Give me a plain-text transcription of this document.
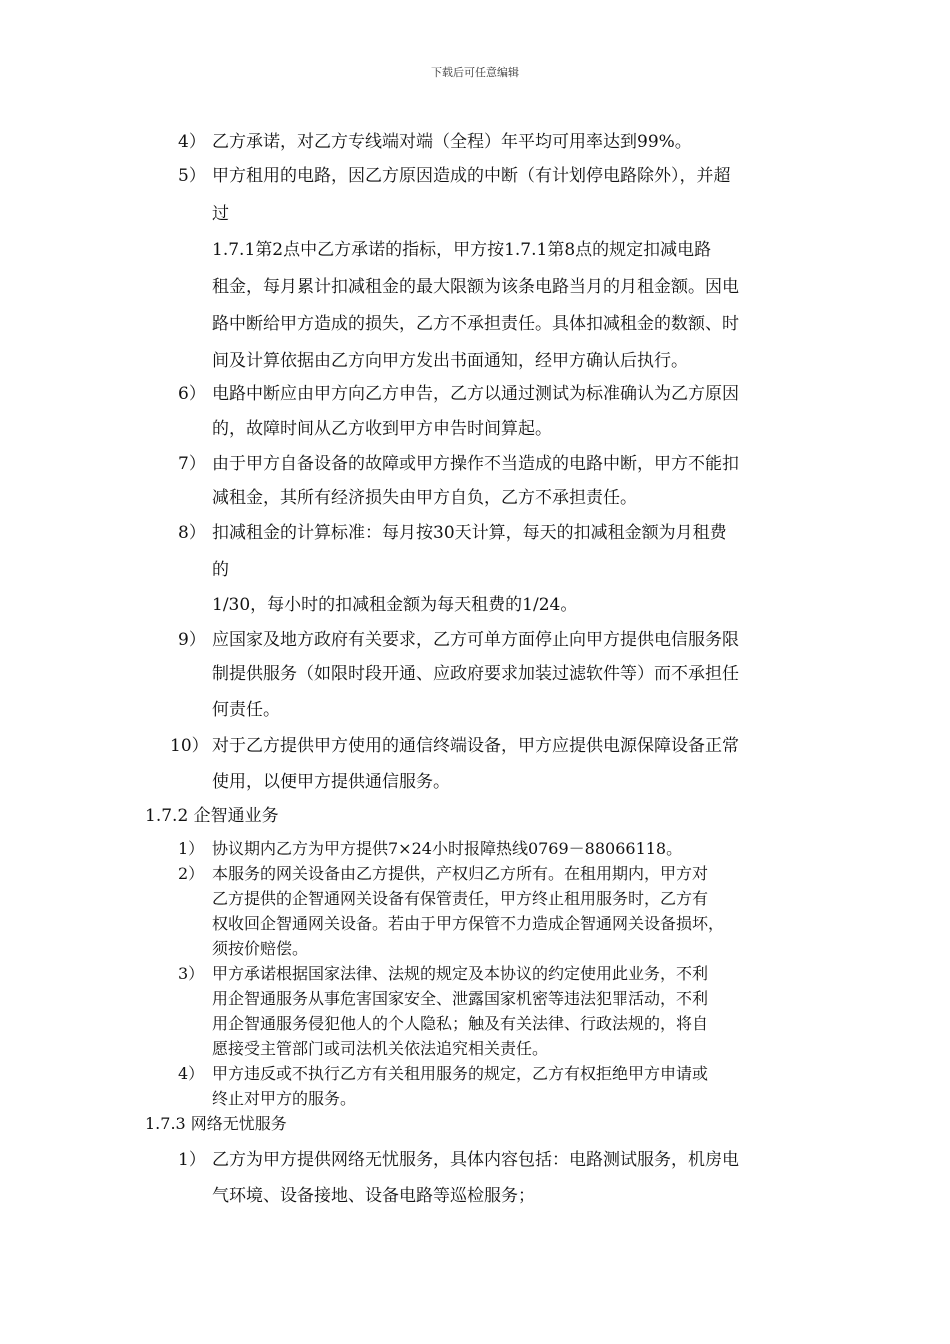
下载后可任意编辑
4） 乙方承诺，对乙方专线端对端（全程）年平均可用率达到99%。
5） 甲方租用的电路，因乙方原因造成的中断（有计划停电路除外），并超
过
1.7.1第2点中乙方承诺的指标，甲方按1.7.1第8点的规定扣减电路
租金，每月累计扣减租金的最大限额为该条电路当月的月租金额。因电
路中断给甲方造成的损失，乙方不承担责任。具体扣减租金的数额、时
间及计算依据由乙方向甲方发出书面通知，经甲方确认后执行。
6） 电路中断应由甲方向乙方申告，乙方以通过测试为标准确认为乙方原因
的，故障时间从乙方收到甲方申告时间算起。
7） 由于甲方自备设备的故障或甲方操作不当造成的电路中断，甲方不能扣
减租金，其所有经济损失由甲方自负，乙方不承担责任。
8） 扣减租金的计算标准：每月按30天计算，每天的扣减租金额为月租费
的
1/30，每小时的扣减租金额为每天租费的1/24。
9） 应国家及地方政府有关要求，乙方可单方面停止向甲方提供电信服务限
制提供服务（如限时段开通、应政府要求加装过滤软件等）而不承担任
何责任。
10） 对于乙方提供甲方使用的通信终端设备，甲方应提供电源保障设备正常
使用，以便甲方提供通信服务。
1.7.2 企智通业务
1） 协议期内乙方为甲方提供7×24小时报障热线0769－88066118。
2） 本服务的网关设备由乙方提供，产权归乙方所有。在租用期内，甲方对
乙方提供的企智通网关设备有保管责任，甲方终止租用服务时，乙方有
权收回企智通网关设备。若由于甲方保管不力造成企智通网关设备损坏，
须按价赔偿。
3） 甲方承诺根据国家法律、法规的规定及本协议的约定使用此业务，不利
用企智通服务从事危害国家安全、泄露国家机密等违法犯罪活动，不利
用企智通服务侵犯他人的个人隐私；触及有关法律、行政法规的，将自
愿接受主管部门或司法机关依法追究相关责任。
4） 甲方违反或不执行乙方有关租用服务的规定，乙方有权拒绝甲方申请或
终止对甲方的服务。
1.7.3 网络无忧服务
1） 乙方为甲方提供网络无忧服务，具体内容包括：电路测试服务，机房电
气环境、设备接地、设备电路等巡检服务；
